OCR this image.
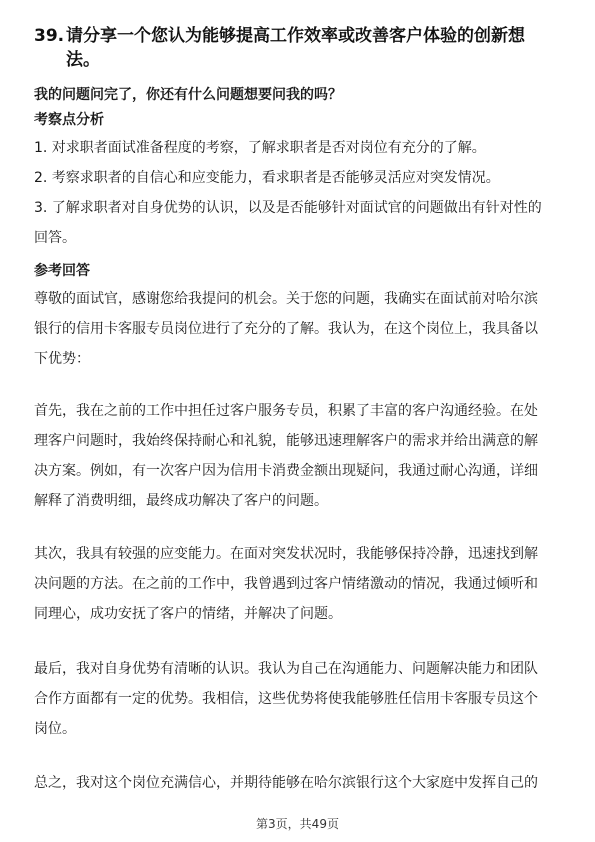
39. 请分享一个您认为能够提高工作效率或改善客户体验的创新想
法。
我的问题问完了，你还有什么问题想要问我的吗？
考察点分析
1. 对求职者面试准备程度的考察，了解求职者是否对岗位有充分的了解。
2. 考察求职者的自信心和应变能力，看求职者是否能够灵活应对突发情况。
3. 了解求职者对自身优势的认识，以及是否能够针对面试官的问题做出有针对性的
回答。
参考回答
尊敬的面试官，感谢您给我提问的机会。关于您的问题，我确实在面试前对哈尔滨
银行的信用卡客服专员岗位进行了充分的了解。我认为，在这个岗位上，我具备以
下优势：
首先，我在之前的工作中担任过客户服务专员，积累了丰富的客户沟通经验。在处
理客户问题时，我始终保持耐心和礼貌，能够迅速理解客户的需求并给出满意的解
决方案。例如，有一次客户因为信用卡消费金额出现疑问，我通过耐心沟通，详细
解释了消费明细，最终成功解决了客户的问题。
其次，我具有较强的应变能力。在面对突发状况时，我能够保持冷静，迅速找到解
决问题的方法。在之前的工作中，我曾遇到过客户情绪激动的情况，我通过倾听和
同理心，成功安抚了客户的情绪，并解决了问题。
最后，我对自身优势有清晰的认识。我认为自己在沟通能力、问题解决能力和团队
合作方面都有一定的优势。我相信，这些优势将使我能够胜任信用卡客服专员这个
岗位。
总之，我对这个岗位充满信心，并期待能够在哈尔滨银行这个大家庭中发挥自己的
第3页，共49页
